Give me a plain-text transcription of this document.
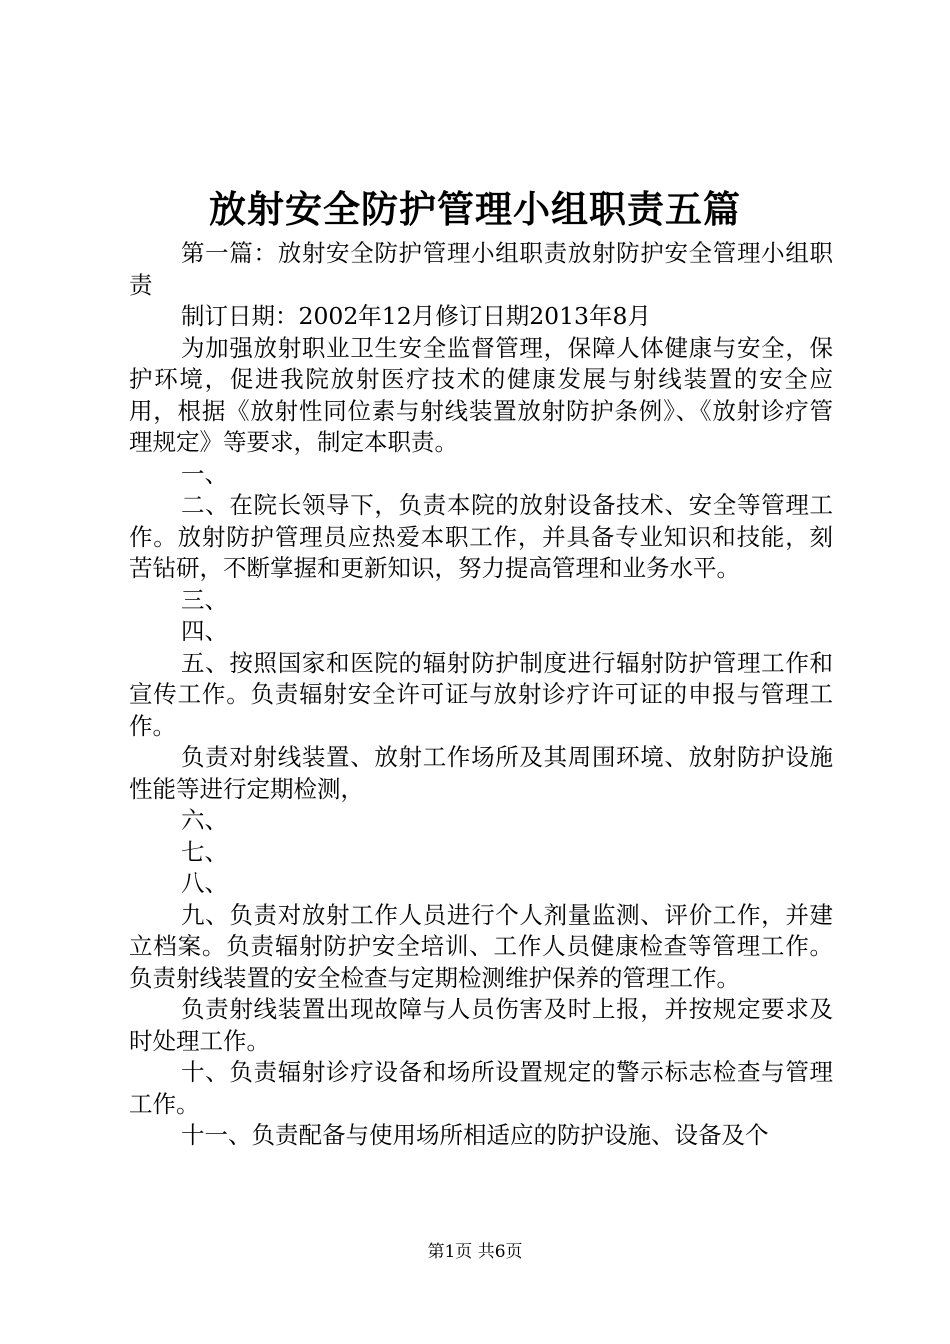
放射安全防护管理小组职责五篇

第一篇：放射安全防护管理小组职责放射防护安全管理小组职责

制订日期：2002年12月修订日期2013年8月

为加强放射职业卫生安全监督管理，保障人体健康与安全，保护环境，促进我院放射医疗技术的健康发展与射线装置的安全应用，根据《放射性同位素与射线装置放射防护条例》、《放射诊疗管理规定》等要求，制定本职责。

一、

二、在院长领导下，负责本院的放射设备技术、安全等管理工作。放射防护管理员应热爱本职工作，并具备专业知识和技能，刻苦钻研，不断掌握和更新知识，努力提高管理和业务水平。

三、

四、

五、按照国家和医院的辐射防护制度进行辐射防护管理工作和宣传工作。负责辐射安全许可证与放射诊疗许可证的申报与管理工作。

负责对射线装置、放射工作场所及其周围环境、放射防护设施性能等进行定期检测，

六、

七、

八、

九、负责对放射工作人员进行个人剂量监测、评价工作，并建立档案。负责辐射防护安全培训、工作人员健康检查等管理工作。负责射线装置的安全检查与定期检测维护保养的管理工作。

负责射线装置出现故障与人员伤害及时上报，并按规定要求及时处理工作。

十、负责辐射诊疗设备和场所设置规定的警示标志检查与管理工作。

十一、负责配备与使用场所相适应的防护设施、设备及个

第1页 共6页
